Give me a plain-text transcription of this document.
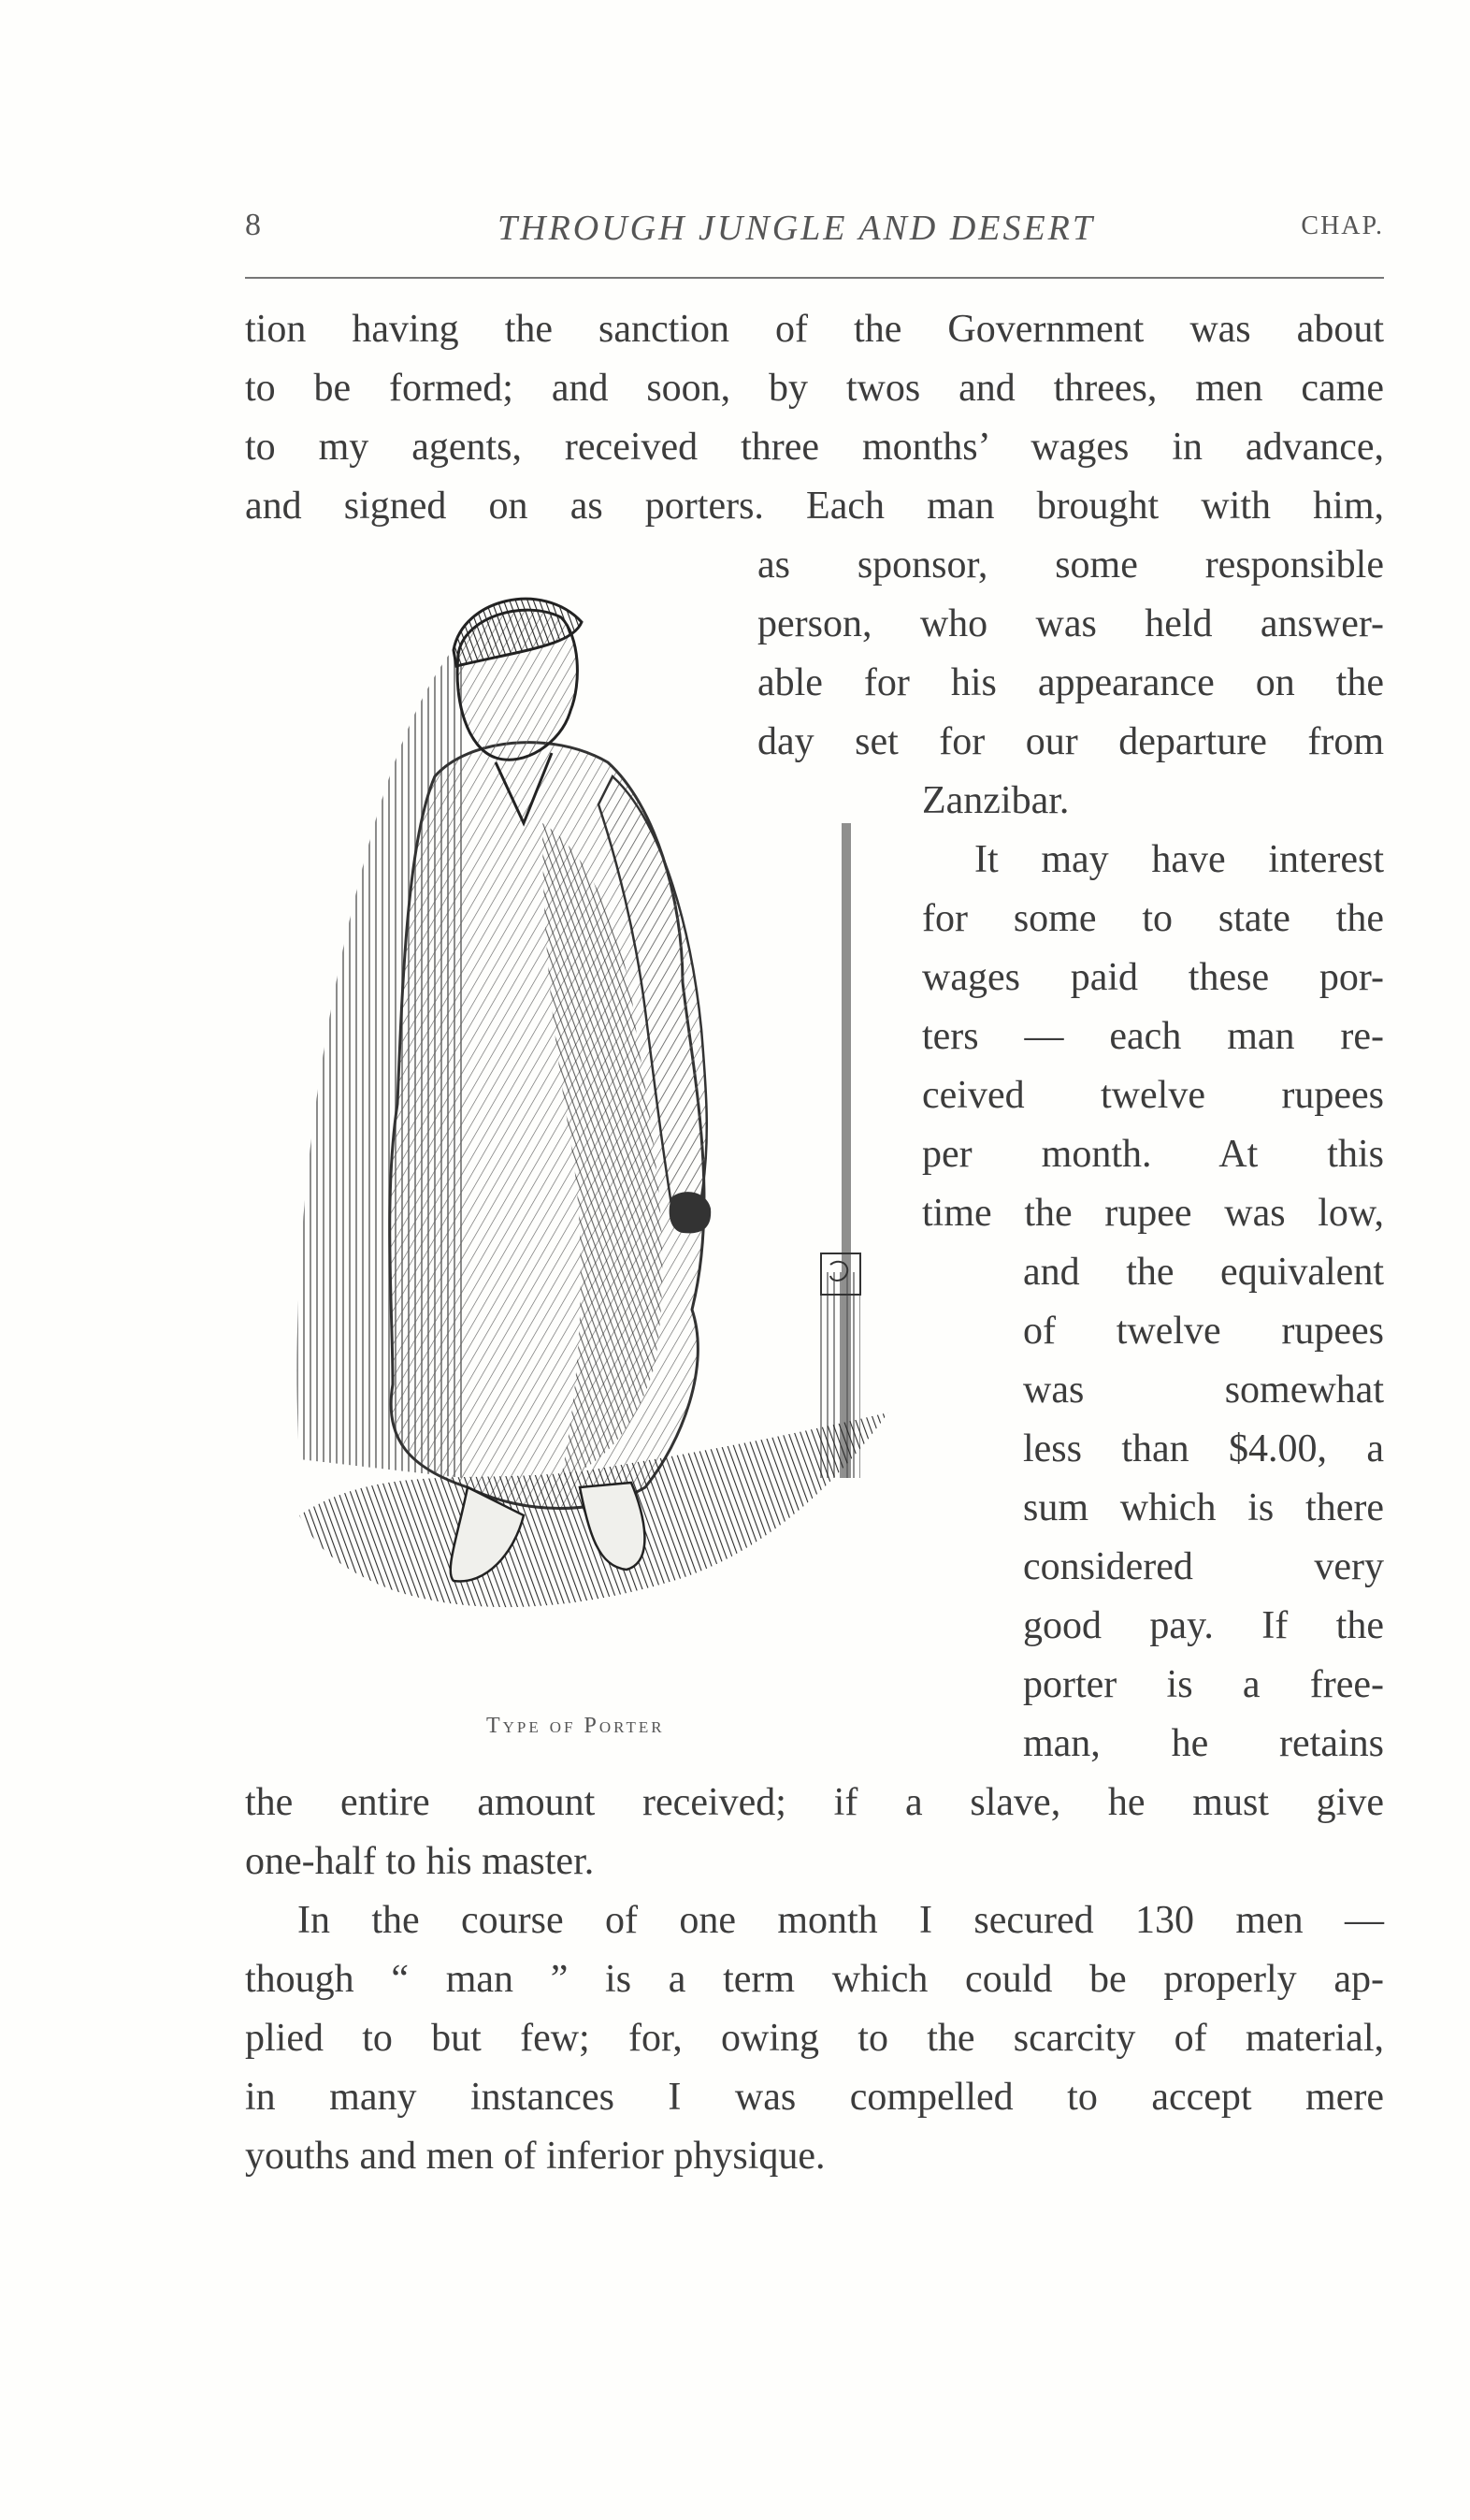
8	THROUGH JUNGLE AND DESERT	CHAP.
tion having the sanction of the Government was about
to be formed; and soon, by twos and threes, men came
to my agents, received three months’ wages in advance,
and signed on as porters. Each man brought with him,
as sponsor, some responsible
person, who was held answer-
able for his appearance on the
day set for our departure from
Zanzibar.
It may have interest
for some to state the
wages paid these por-
ters — each man re-
ceived twelve rupees
per month. At this
time the rupee was low,
and the equivalent
of twelve rupees
was somewhat
less than $4.00, a
sum which is there
considered very
good pay. If the
porter is a free-
man, he retains
the entire amount received; if a slave, he must give
one-half to his master.
In the course of one month I secured 130 men —
though “ man ” is a term which could be properly ap-
plied to but few; for, owing to the scarcity of material,
in many instances I was compelled to accept mere
youths and men of inferior physique.
Type of Porter
